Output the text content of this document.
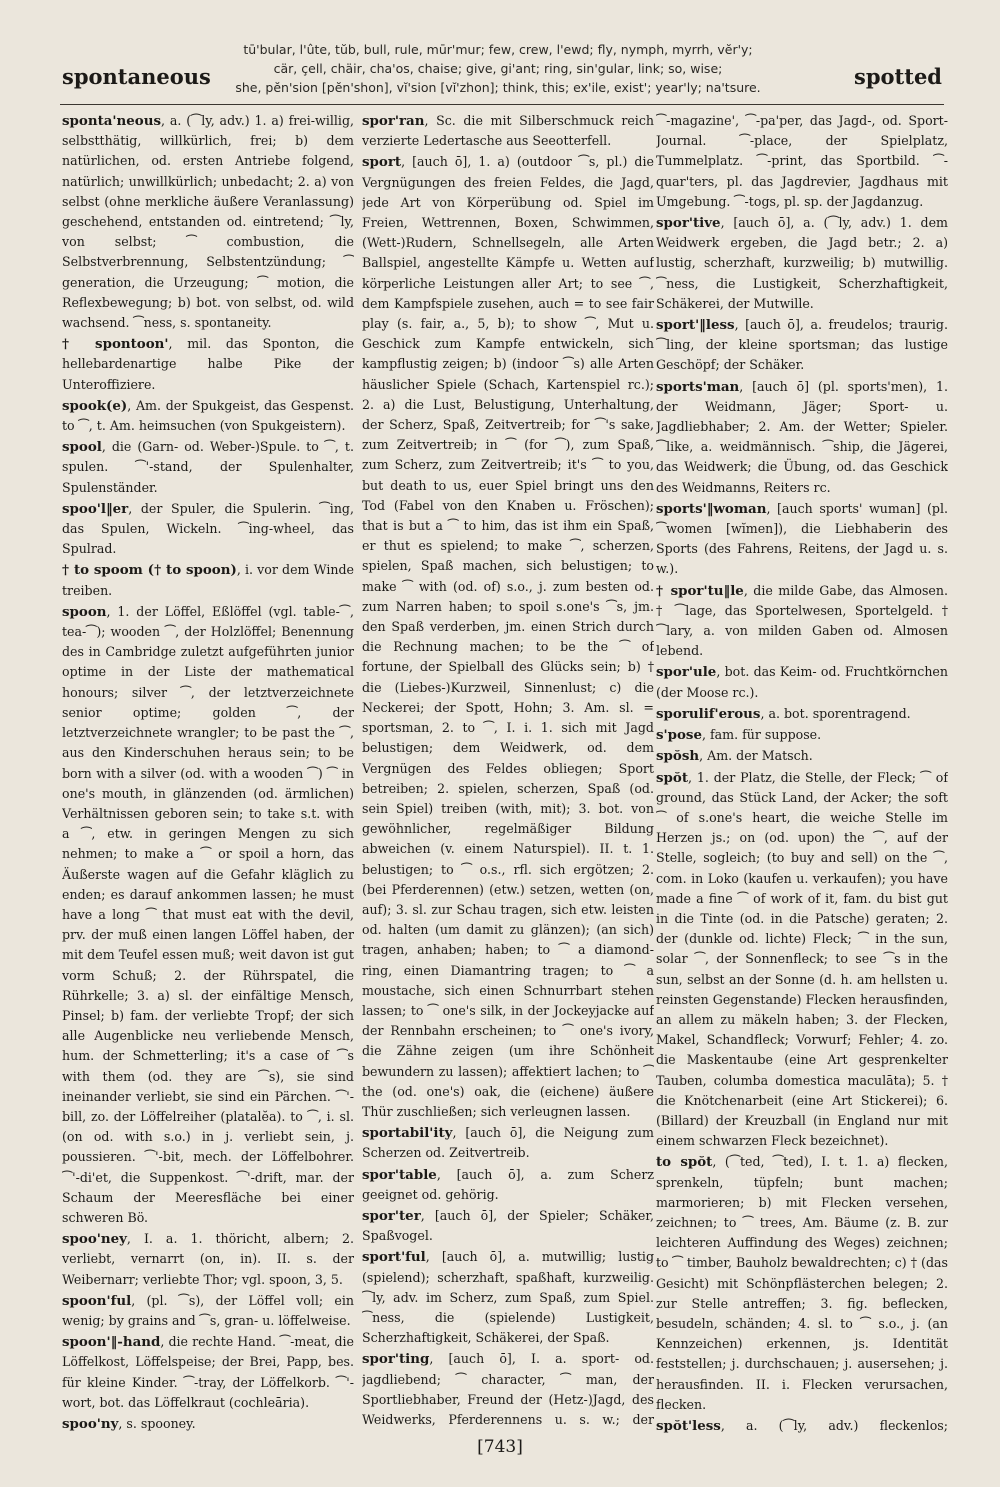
spontaneous
tū'bular, l'ûte, tŭb, bull, rule, mūr'mur; few, crew, l'ewd; fly, nymph, myrrh, vĕr'y;
cär, çell, chäir, cha'os, chaise; give, gi'ant; ring, sin'gular, link; so, wise;
she, pĕn'sion [pĕn'shon], vĭ'sion [vĭ'zhon]; think, this; ex'ile, exist'; year'ly; na'tsure.	spotted
sponta'neous, a. (⁀ly, adv.) 1. a) frei-willig, selbstthätig, willkürlich, frei; b) dem natürlichen, od. ersten Antriebe folgend, natürlich; unwillkürlich; unbedacht; 2. a) von selbst (ohne merkliche äußere Veranlassung) geschehend, entstanden od. eintretend; ⁀ly, von selbst; ⁀ combustion, die Selbstverbrennung, Selbstentzündung; ⁀ generation, die Urzeugung; ⁀ motion, die Reflexbewegung; b) bot. von selbst, od. wild wachsend. ⁀ness, s. spontaneity.
† spontoon', mil. das Sponton, die hellebardenartige halbe Pike der Unteroffiziere.
spook(e), Am. der Spukgeist, das Gespenst. to ⁀, t. Am. heimsuchen (von Spukgeistern).
spool, die (Garn- od. Weber-)Spule. to ⁀, t. spulen. ⁀'-stand, der Spulenhalter, Spulenständer.
spoo'l‖er, der Spuler, die Spulerin. ⁀ing, das Spulen, Wickeln. ⁀ing-wheel, das Spulrad.
† to spoom († to spoon), i. vor dem Winde treiben.
spoon, 1. der Löffel, Eßlöffel (vgl. table-⁀, tea-⁀); wooden ⁀, der Holzlöffel; Benennung des in Cambridge zuletzt aufgeführten junior optime in der Liste der mathematical honours; silver ⁀, der letztverzeichnete senior optime; golden ⁀, der letztverzeichnete wrangler; to be past the ⁀, aus den Kinderschuhen heraus sein; to be born with a silver (od. with a wooden ⁀) ⁀ in one's mouth, in glänzenden (od. ärmlichen) Verhältnissen geboren sein; to take s.t. with a ⁀, etw. in geringen Mengen zu sich nehmen; to make a ⁀ or spoil a horn, das Äußerste wagen auf die Gefahr kläglich zu enden; es darauf ankommen lassen; he must have a long ⁀ that must eat with the devil, prv. der muß einen langen Löffel haben, der mit dem Teufel essen muß; weit davon ist gut vorm Schuß; 2. der Rührspatel, die Rührkelle; 3. a) sl. der einfältige Mensch, Pinsel; b) fam. der verliebte Tropf; der sich alle Augenblicke neu verliebende Mensch, hum. der Schmetterling; it's a case of ⁀s with them (od. they are ⁀s), sie sind ineinander verliebt, sie sind ein Pärchen. ⁀'-bill, zo. der Löffelreiher (platalĕa). to ⁀, i. sl. (on od. with s.o.) in j. verliebt sein, j. poussieren. ⁀'-bit, mech. der Löffelbohrer. ⁀'-di'et, die Suppenkost. ⁀'-drift, mar. der Schaum der Meeresfläche bei einer schweren Bö.
spoo'ney, I. a. 1. thöricht, albern; 2. verliebt, vernarrt (on, in). II. s. der Weibernarr; verliebte Thor; vgl. spoon, 3, 5.
spoon'ful, (pl. ⁀s), der Löffel voll; ein wenig; by grains and ⁀s, gran- u. löffelweise.
spoon'‖-hand, die rechte Hand. ⁀-meat, die Löffelkost, Löffelspeise; der Brei, Papp, bes. für kleine Kinder. ⁀-tray, der Löffelkorb. ⁀'-wort, bot. das Löffelkraut (cochleāria).
spoo'ny, s. spooney.
spor'ran, Sc. die mit Silberschmuck reich verzierte Ledertasche aus Seeotterfell.
sport, [auch ō], 1. a) (outdoor ⁀s, pl.) die Vergnügungen des freien Feldes, die Jagd, jede Art von Körperübung od. Spiel im Freien, Wettrennen, Boxen, Schwimmen, (Wett-)Rudern, Schnellsegeln, alle Arten Ballspiel, angestellte Kämpfe u. Wetten auf körperliche Leistungen aller Art; to see ⁀, dem Kampfspiele zusehen, auch = to see fair play (s. fair, a., 5, b); to show ⁀, Mut u. Geschick zum Kampfe entwickeln, sich kampflustig zeigen; b) (indoor ⁀s) alle Arten häuslicher Spiele (Schach, Kartenspiel rc.); 2. a) die Lust, Belustigung, Unterhaltung, der Scherz, Spaß, Zeitvertreib; for ⁀'s sake, zum Zeitvertreib; in ⁀ (for ⁀), zum Spaß, zum Scherz, zum Zeitvertreib; it's ⁀ to you, but death to us, euer Spiel bringt uns den Tod (Fabel von den Knaben u. Fröschen); that is but a ⁀ to him, das ist ihm ein Spaß, er thut es spielend; to make ⁀, scherzen, spielen, Spaß machen, sich belustigen; to make ⁀ with (od. of) s.o., j. zum besten od. zum Narren haben; to spoil s.one's ⁀s, jm. den Spaß verderben, jm. einen Strich durch die Rechnung machen; to be the ⁀ of fortune, der Spielball des Glücks sein; b) † die (Liebes-)Kurzweil, Sinnenlust; c) die Neckerei; der Spott, Hohn; 3. Am. sl. = sportsman, 2. to ⁀, I. i. 1. sich mit Jagd belustigen; dem Weidwerk, od. dem Vergnügen des Feldes obliegen; Sport betreiben; 2. spielen, scherzen, Spaß (od. sein Spiel) treiben (with, mit); 3. bot. von gewöhnlicher, regelmäßiger Bildung abweichen (v. einem Naturspiel). II. t. 1. belustigen; to ⁀ o.s., rfl. sich ergötzen; 2. (bei Pferderennen) (etw.) setzen, wetten (on, auf); 3. sl. zur Schau tragen, sich etw. leisten od. halten (um damit zu glänzen); (an sich) tragen, anhaben; haben; to ⁀ a diamond-ring, einen Diamantring tragen; to ⁀ a moustache, sich einen Schnurrbart stehen lassen; to ⁀ one's silk, in der Jockeyjacke auf der Rennbahn erscheinen; to ⁀ one's ivory, die Zähne zeigen (um ihre Schönheit bewundern zu lassen); affektiert lachen; to ⁀ the (od. one's) oak, die (eichene) äußere Thür zuschließen; sich verleugnen lassen.
sportabil'ity, [auch ō], die Neigung zum Scherzen od. Zeitvertreib.
spor'table, [auch ō], a. zum Scherz geeignet od. gehörig.
spor'ter, [auch ō], der Spieler; Schäker, Spaßvogel.
sport'ful, [auch ō], a. mutwillig; lustig (spielend); scherzhaft, spaßhaft, kurzweilig. ⁀ly, adv. im Scherz, zum Spaß, zum Spiel. ⁀ness, die (spielende) Lustigkeit, Scherzhaftigkeit, Schäkerei, der Spaß.
spor'ting, [auch ō], I. a. sport- od. jagdliebend; ⁀ character, ⁀ man, der Sportliebhaber, Freund der (Hetz-)Jagd, des Weidwerks, Pferderennens u. s. w.; der
⁀-magazine', ⁀-pa'per, das Jagd-, od. Sport-Journal. ⁀-place, der Spielplatz, Tummelplatz. ⁀-print, das Sportbild. ⁀-quar'ters, pl. das Jagdrevier, Jagdhaus mit Umgebung. ⁀-togs, pl. sp. der Jagdanzug.
spor'tive, [auch ō], a. (⁀ly, adv.) 1. dem Weidwerk ergeben, die Jagd betr.; 2. a) lustig, scherzhaft, kurzweilig; b) mutwillig. ⁀ness, die Lustigkeit, Scherzhaftigkeit, Schäkerei, der Mutwille.
sport'‖less, [auch ō], a. freudelos; traurig. ⁀ling, der kleine sportsman; das lustige Geschöpf; der Schäker.
sports'man, [auch ō] (pl. sports'men), 1. der Weidmann, Jäger; Sport- u. Jagdliebhaber; 2. Am. der Wetter; Spieler. ⁀like, a. weidmännisch. ⁀ship, die Jägerei, das Weidwerk; die Übung, od. das Geschick des Weidmanns, Reiters rc.
sports'‖woman, [auch sports' wuman] (pl. ⁀women [wĭmen]), die Liebhaberin des Sports (des Fahrens, Reitens, der Jagd u. s. w.).
† spor'tu‖le, die milde Gabe, das Almosen. † ⁀lage, das Sportelwesen, Sportelgeld. † ⁀lary, a. von milden Gaben od. Almosen lebend.
spor'ule, bot. das Keim- od. Fruchtkörnchen (der Moose rc.).
sporulif'erous, a. bot. sporentragend.
s'pose, fam. für suppose.
spŏsh, Am. der Matsch.
spŏt, 1. der Platz, die Stelle, der Fleck; ⁀ of ground, das Stück Land, der Acker; the soft ⁀ of s.one's heart, die weiche Stelle im Herzen js.; on (od. upon) the ⁀, auf der Stelle, sogleich; (to buy and sell) on the ⁀, com. in Loko (kaufen u. verkaufen); you have made a fine ⁀ of work of it, fam. du bist gut in die Tinte (od. in die Patsche) geraten; 2. der (dunkle od. lichte) Fleck; ⁀ in the sun, solar ⁀, der Sonnenfleck; to see ⁀s in the sun, selbst an der Sonne (d. h. am hellsten u. reinsten Gegenstande) Flecken herausfinden, an allem zu mäkeln haben; 3. der Flecken, Makel, Schandfleck; Vorwurf; Fehler; 4. zo. die Maskentaube (eine Art gesprenkelter Tauben, columba domestica maculāta); 5. † die Knötchenarbeit (eine Art Stickerei); 6. (Billard) der Kreuzball (in England nur mit einem schwarzen Fleck bezeichnet).
to spŏt, (⁀ted, ⁀ted), I. t. 1. a) flecken, sprenkeln, tüpfeln; bunt machen; marmorieren; b) mit Flecken versehen, zeichnen; to ⁀ trees, Am. Bäume (z. B. zur leichteren Auffindung des Weges) zeichnen; to ⁀ timber, Bauholz bewaldrechten; c) † (das Gesicht) mit Schönpflästerchen belegen; 2. zur Stelle antreffen; 3. fig. beflecken, besudeln, schänden; 4. sl. to ⁀ s.o., j. (an Kennzeichen) erkennen, js. Identität feststellen; j. durchschauen; j. ausersehen; j. herausfinden. II. i. Flecken verursachen, flecken.
spŏt'less, a. (⁀ly, adv.) fleckenlos;
[743]
